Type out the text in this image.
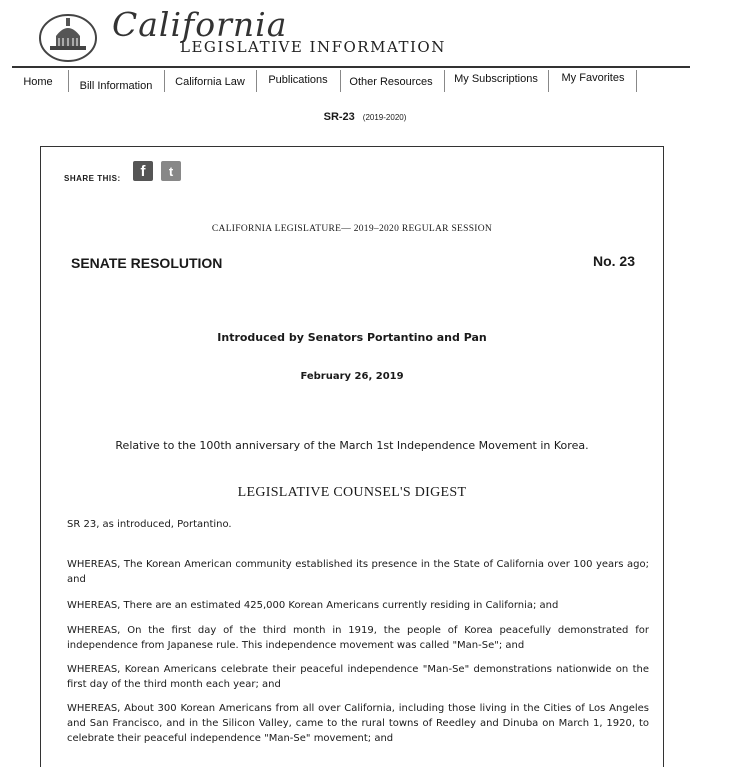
California
LEGISLATIVE INFORMATION
Home	Bill Information	California Law	Publications	Other Resources	My Subscriptions	My Favorites
SR-23 (2019-2020)
SHARE THIS:	f	t
CALIFORNIA LEGISLATURE— 2019–2020 REGULAR SESSION
SENATE RESOLUTION	No. 23
Introduced by Senators Portantino and Pan
February 26, 2019
Relative to the 100th anniversary of the March 1st Independence Movement in Korea.
LEGISLATIVE COUNSEL'S DIGEST
SR 23, as introduced, Portantino.

WHEREAS, The Korean American community established its presence in the State of California over 100 years ago; and

WHEREAS, There are an estimated 425,000 Korean Americans currently residing in California; and

WHEREAS, On the first day of the third month in 1919, the people of Korea peacefully demonstrated for independence from Japanese rule. This independence movement was called "Man-Se"; and

WHEREAS, Korean Americans celebrate their peaceful independence "Man-Se" demonstrations nationwide on the first day of the third month each year; and

WHEREAS, About 300 Korean Americans from all over California, including those living in the Cities of Los Angeles and San Francisco, and in the Silicon Valley, came to the rural towns of Reedley and Dinuba on March 1, 1920, to celebrate their peaceful independence "Man-Se" movement; and
